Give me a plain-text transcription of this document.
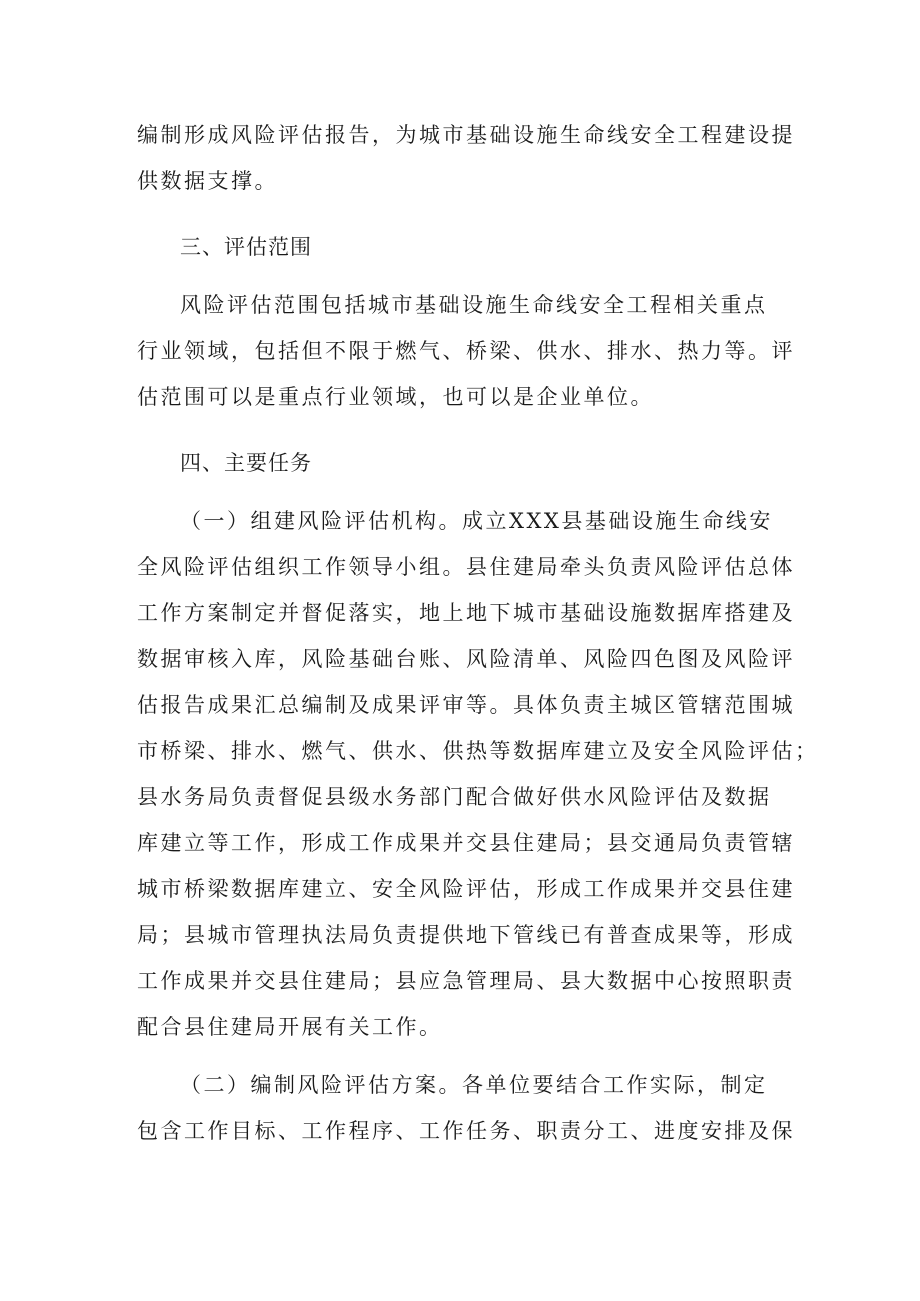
编制形成风险评估报告，为城市基础设施生命线安全工程建设提
供数据支撑。
三、评估范围
风险评估范围包括城市基础设施生命线安全工程相关重点
行业领域，包括但不限于燃气、桥梁、供水、排水、热力等。评
估范围可以是重点行业领域，也可以是企业单位。
四、主要任务
（一）组建风险评估机构。成立XXX县基础设施生命线安
全风险评估组织工作领导小组。县住建局牵头负责风险评估总体
工作方案制定并督促落实，地上地下城市基础设施数据库搭建及
数据审核入库，风险基础台账、风险清单、风险四色图及风险评
估报告成果汇总编制及成果评审等。具体负责主城区管辖范围城
市桥梁、排水、燃气、供水、供热等数据库建立及安全风险评估；
县水务局负责督促县级水务部门配合做好供水风险评估及数据
库建立等工作，形成工作成果并交县住建局；县交通局负责管辖
城市桥梁数据库建立、安全风险评估，形成工作成果并交县住建
局；县城市管理执法局负责提供地下管线已有普查成果等，形成
工作成果并交县住建局；县应急管理局、县大数据中心按照职责
配合县住建局开展有关工作。
（二）编制风险评估方案。各单位要结合工作实际，制定
包含工作目标、工作程序、工作任务、职责分工、进度安排及保
